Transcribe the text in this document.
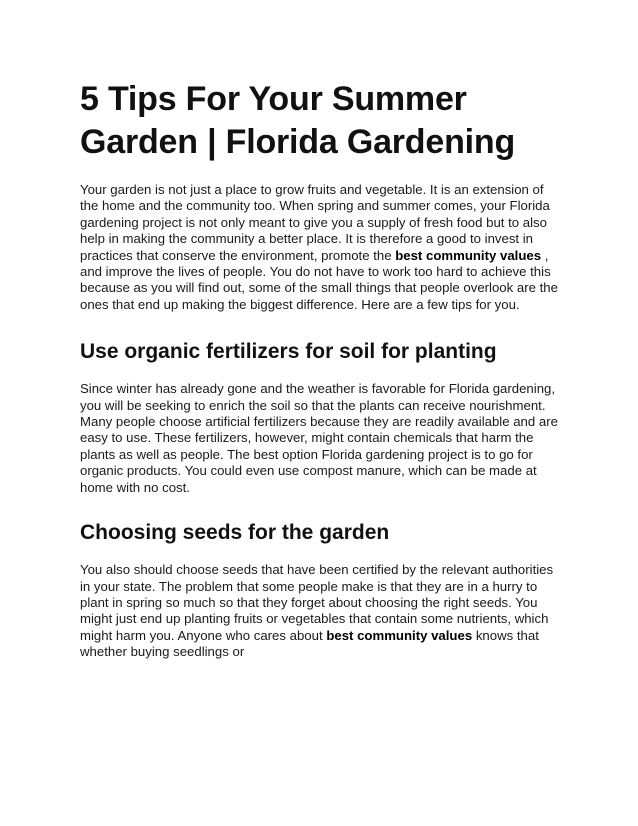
5 Tips For Your Summer Garden | Florida Gardening

Your garden is not just a place to grow fruits and vegetable. It is an extension of the home and the community too. When spring and summer comes, your Florida gardening project is not only meant to give you a supply of fresh food but to also help in making the community a better place. It is therefore a good to invest in practices that conserve the environment, promote the best community values , and improve the lives of people. You do not have to work too hard to achieve this because as you will find out, some of the small things that people overlook are the ones that end up making the biggest difference. Here are a few tips for you.

Use organic fertilizers for soil for planting

Since winter has already gone and the weather is favorable for Florida gardening, you will be seeking to enrich the soil so that the plants can receive nourishment. Many people choose artificial fertilizers because they are readily available and are easy to use. These fertilizers, however, might contain chemicals that harm the plants as well as people. The best option Florida gardening project is to go for organic products. You could even use compost manure, which can be made at home with no cost.

Choosing seeds for the garden

You also should choose seeds that have been certified by the relevant authorities in your state. The problem that some people make is that they are in a hurry to plant in spring so much so that they forget about choosing the right seeds. You might just end up planting fruits or vegetables that contain some nutrients, which might harm you. Anyone who cares about best community values knows that whether buying seedlings or
